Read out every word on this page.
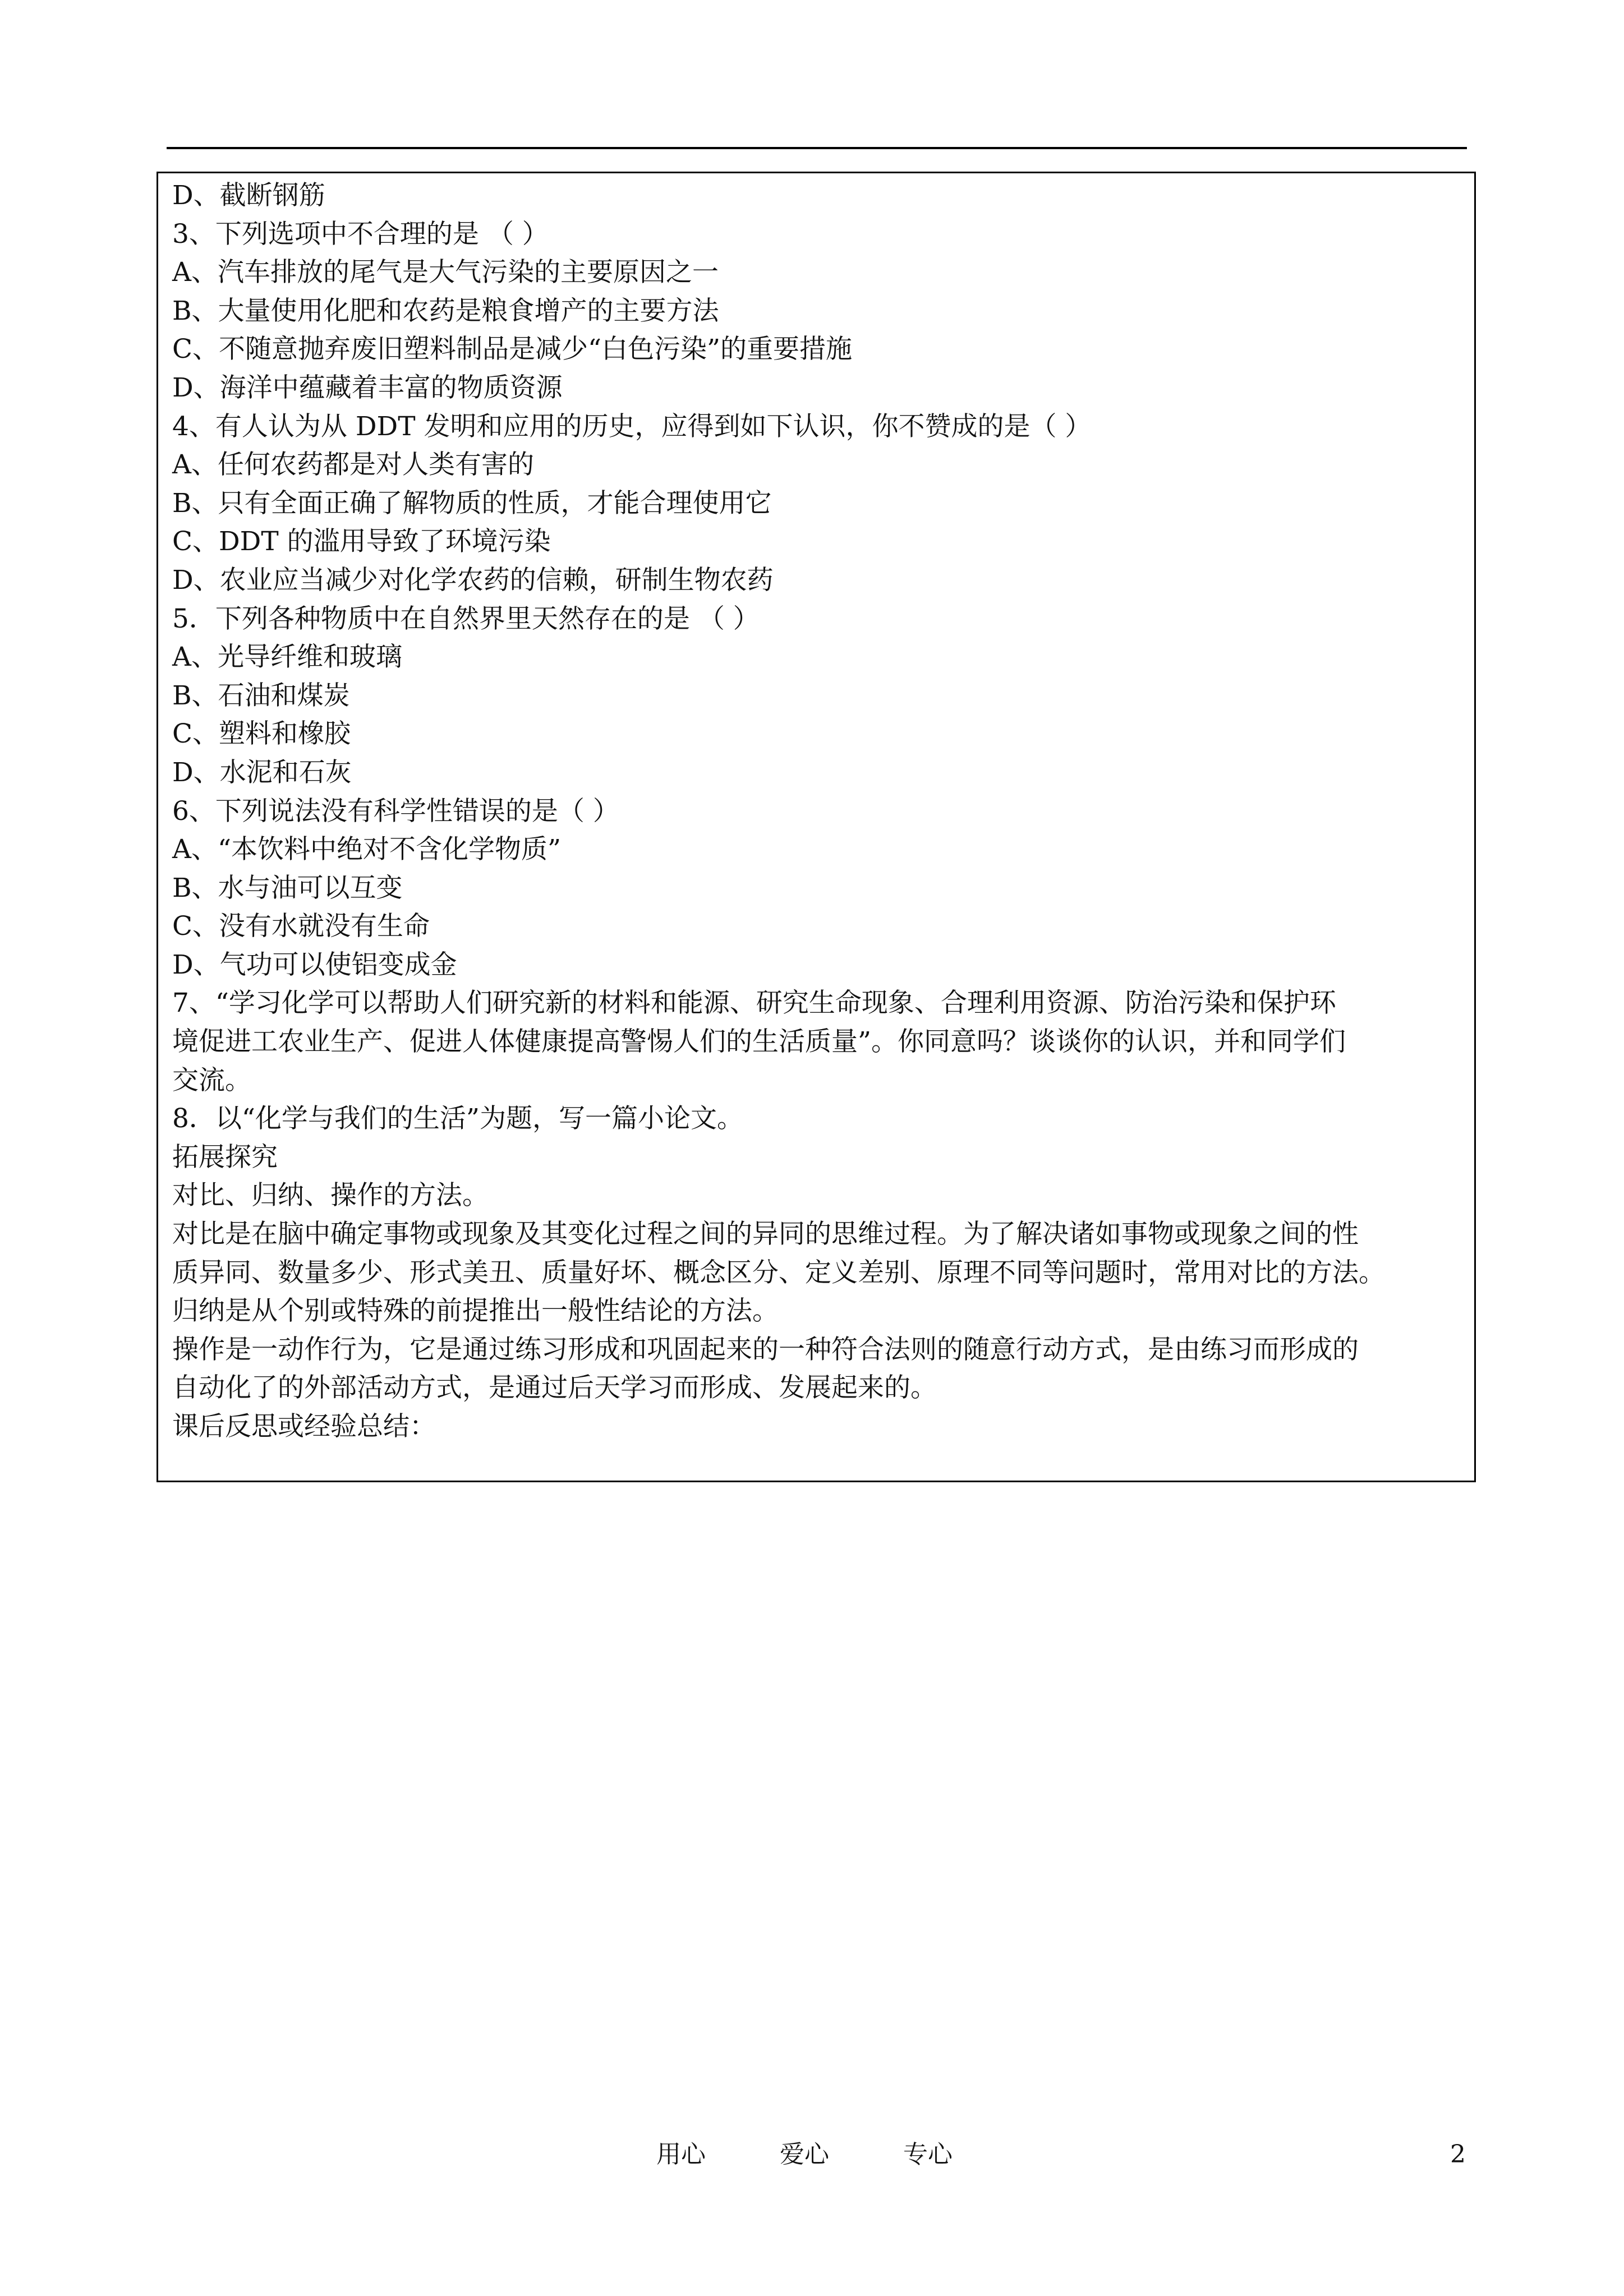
D、截断钢筋
3、下列选项中不合理的是 （ ）
A、汽车排放的尾气是大气污染的主要原因之一
B、大量使用化肥和农药是粮食增产的主要方法
C、不随意抛弃废旧塑料制品是减少“白色污染”的重要措施
D、海洋中蕴藏着丰富的物质资源
4、有人认为从 DDT 发明和应用的历史，应得到如下认识，你不赞成的是（ ）
A、任何农药都是对人类有害的
B、只有全面正确了解物质的性质，才能合理使用它
C、DDT 的滥用导致了环境污染
D、农业应当减少对化学农药的信赖，研制生物农药
5．下列各种物质中在自然界里天然存在的是 （ ）
A、光导纤维和玻璃
B、石油和煤炭
C、塑料和橡胶
D、水泥和石灰
6、下列说法没有科学性错误的是（ ）
A、“本饮料中绝对不含化学物质”
B、水与油可以互变
C、没有水就没有生命
D、气功可以使铝变成金
7、“学习化学可以帮助人们研究新的材料和能源、研究生命现象、合理利用资源、防治污染和保护环
境促进工农业生产、促进人体健康提高警惕人们的生活质量”。你同意吗？谈谈你的认识，并和同学们
交流。
8．以“化学与我们的生活”为题，写一篇小论文。
拓展探究
对比、归纳、操作的方法。
对比是在脑中确定事物或现象及其变化过程之间的异同的思维过程。为了解决诸如事物或现象之间的性
质异同、数量多少、形式美丑、质量好坏、概念区分、定义差别、原理不同等问题时，常用对比的方法。
归纳是从个别或特殊的前提推出一般性结论的方法。
操作是一动作行为，它是通过练习形成和巩固起来的一种符合法则的随意行动方式，是由练习而形成的
自动化了的外部活动方式，是通过后天学习而形成、发展起来的。
课后反思或经验总结：
用心	爱心	专心	2
